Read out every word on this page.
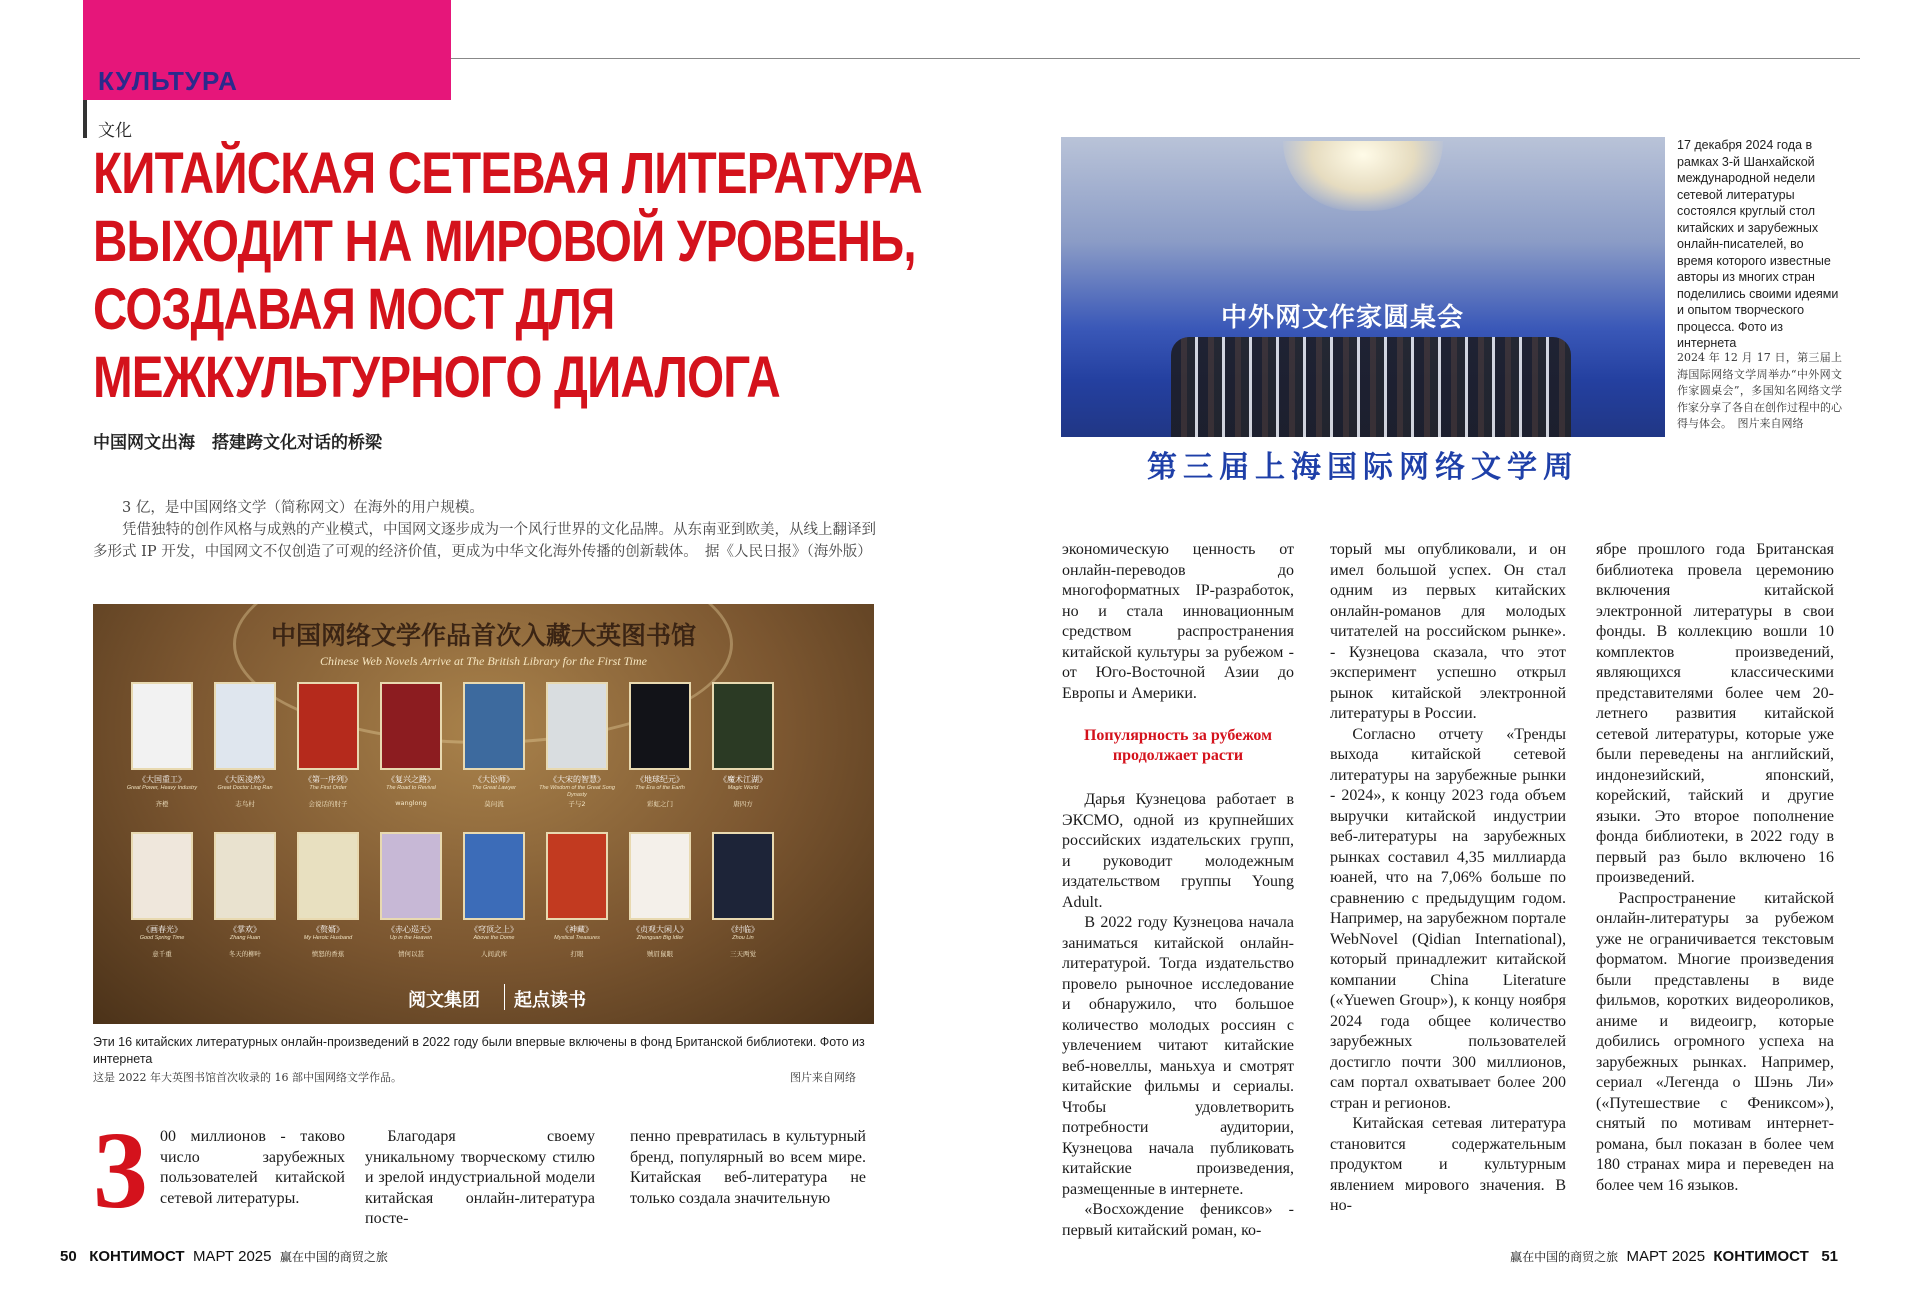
КУЛЬТУРА
文化
КИТАЙСКАЯ СЕТЕВАЯ ЛИТЕРАТУРА
ВЫХОДИТ НА МИРОВОЙ УРОВЕНЬ,
СОЗДАВАЯ МОСТ ДЛЯ
МЕЖКУЛЬТУРНОГО ДИАЛОГА
中国网文出海　搭建跨文化对话的桥梁

3 亿，是中国网络文学（简称网文）在海外的用户规模。

凭借独特的创作风格与成熟的产业模式，中国网文逐步成为一个风行世界的文化品牌。从东南亚到欧美，从线上翻译到多形式 IP 开发，中国网文不仅创造了可观的经济价值，更成为中华文化海外传播的创新载体。　据《人民日报》（海外版）

中国网络文学作品首次入藏大英图书馆
Chinese Web Novels Arrive at The British Library for the First Time
《大国重工》
Great Power, Heavy Industry
齐橙
《大医凌然》
Great Doctor Ling Ran
志鸟村
《第一序列》
The First Order
会说话的肘子
《复兴之路》
The Road to Revival
wanglong
《大讼师》
The Great Lawyer
莫问流
《大宋的智慧》
The Wisdom of the Great Song Dynasty
子与2
《地球纪元》
The Era of the Earth
彩虹之门
《魔术江湖》
Magic World
唐四方
《画春光》
Good Spring Time
意千重
《掌欢》
Zhang Huan
冬天的柳叶
《赘婿》
My Heroic Husband
愤怒的香蕉
《赤心巡天》
Up in the Heaven
情何以甚
《穹顶之上》
Above the Dome
人间武库
《神藏》
Mystical Treasures
打眼
《贞观大闲人》
Zhenguan Big Idler
贼眉鼠眼
《纣临》
Zhou Lin
三天两觉
阅文集团 起点读书
Эти 16 китайских литературных онлайн-произведений в 2022 году были впервые включены в фонд Британской библиотеки. Фото из интернета
这是 2022 年大英图书馆首次收录的 16 部中国网络文学作品。	图片来自网络
3 00 миллионов - таково число зарубежных пользователей китайской сетевой литературы.

Благодаря своему уникальному творческому стилю и зрелой индустриальной модели китайская онлайн-литература посте-

пенно превратилась в культурный бренд, популярный во всем мире. Китайская веб-литература не только создала значительную

中外网文作家圆桌会
第三届上海国际网络文学周
17 декабря 2024 года в рамках 3-й Шанхайской международной недели сетевой литературы состоялся круглый стол китайских и зарубежных онлайн-писателей, во время которого известные авторы из многих стран поделились своими идеями и опытом творческого процесса. Фото из интернета
2024 年 12 月 17 日，第三届上海国际网络文学周举办“中外网文作家圆桌会”，多国知名网络文学作家分享了各自在创作过程中的心得与体会。　图片来自网络

экономическую ценность от онлайн-переводов до многоформатных IP-разработок, но и стала инновационным средством распространения китайской культуры за рубежом - от Юго-Восточной Азии до Европы и Америки.

Популярность за рубежом продолжает расти

Дарья Кузнецова работает в ЭКСМО, одной из крупнейших российских издательских групп, и руководит молодежным издательством группы Young Adult.

В 2022 году Кузнецова начала заниматься китайской онлайн-литературой. Тогда издательство провело рыночное исследование и обнаружило, что большое количество молодых россиян с увлечением читают китайские веб-новеллы, маньхуа и смотрят китайские фильмы и сериалы. Чтобы удовлетворить потребности аудитории, Кузнецова начала публиковать китайские произведения, размещенные в интернете.

«Восхождение фениксов» - первый китайский роман, ко-

торый мы опубликовали, и он имел большой успех. Он стал одним из первых китайских онлайн-романов для молодых читателей на российском рынке». - Кузнецова сказала, что этот эксперимент успешно открыл рынок китайской электронной литературы в России.

Согласно отчету «Тренды выхода китайской сетевой литературы на зарубежные рынки - 2024», к концу 2023 года объем выручки китайской индустрии веб-литературы на зарубежных рынках составил 4,35 миллиарда юаней, что на 7,06% больше по сравнению с предыдущим годом. Например, на зарубежном портале WebNovel (Qidian International), который принадлежит китайской компании China Literature («Yuewen Group»), к концу ноября 2024 года общее количество зарубежных пользователей достигло почти 300 миллионов, сам портал охватывает более 200 стран и регионов.

Китайская сетевая литература становится содержательным продуктом и культурным явлением мирового значения. В но-

ябре прошлого года Британская библиотека провела церемонию включения китайской электронной литературы в свои фонды. В коллекцию вошли 10 комплектов произведений, являющихся классическими представителями более чем 20-летнего развития китайской сетевой литературы, которые уже были переведены на английский, индонезийский, японский, корейский, тайский и другие языки. Это второе пополнение фонда библиотеки, в 2022 году в первый раз было включено 16 произведений.

Распространение китайской онлайн-литературы за рубежом уже не ограничивается текстовым форматом. Многие произведения были представлены в виде фильмов, коротких видеороликов, аниме и видеоигр, которые добились огромного успеха на зарубежных рынках. Например, сериал «Легенда о Шэнь Ли» («Путешествие с Фениксом»), снятый по мотивам интернет-романа, был показан в более чем 180 странах мира и переведен на более чем 16 языков.

50 КОНТИМОСТ МАРТ 2025 赢在中国的商贸之旅	赢在中国的商贸之旅 МАРТ 2025 КОНТИМОСТ 51
